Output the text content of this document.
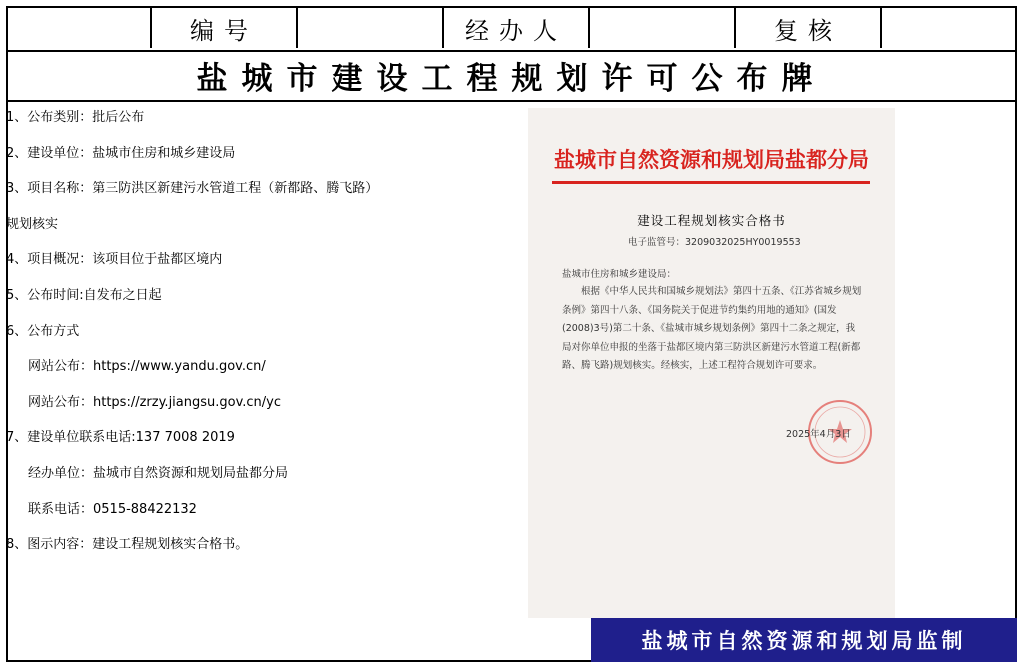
编号	经办人	复核
盐城市建设工程规划许可公布牌
1、公布类别：批后公布
2、建设单位：盐城市住房和城乡建设局
3、项目名称：第三防洪区新建污水管道工程（新都路、腾飞路）
规划核实
4、项目概况：该项目位于盐都区境内
5、公布时间:自发布之日起
6、公布方式
网站公布：https://www.yandu.gov.cn/
网站公布：https://zrzy.jiangsu.gov.cn/yc
7、建设单位联系电话:137 7008 2019
经办单位：盐城市自然资源和规划局盐都分局
联系电话：0515-88422132
8、图示内容：建设工程规划核实合格书。
盐城市自然资源和规划局盐都分局
建设工程规划核实合格书
电子监管号：3209032025HY0019553
盐城市住房和城乡建设局：
根据《中华人民共和国城乡规划法》第四十五条、《江苏省城乡规划条例》第四十八条、《国务院关于促进节约集约用地的通知》(国发(2008)3号)第二十条、《盐城市城乡规划条例》第四十二条之规定，我局对你单位申报的坐落于盐都区境内第三防洪区新建污水管道工程(新都路、腾飞路)规划核实。经核实，上述工程符合规划许可要求。
2025年4月3日
盐城市自然资源和规划局监制
